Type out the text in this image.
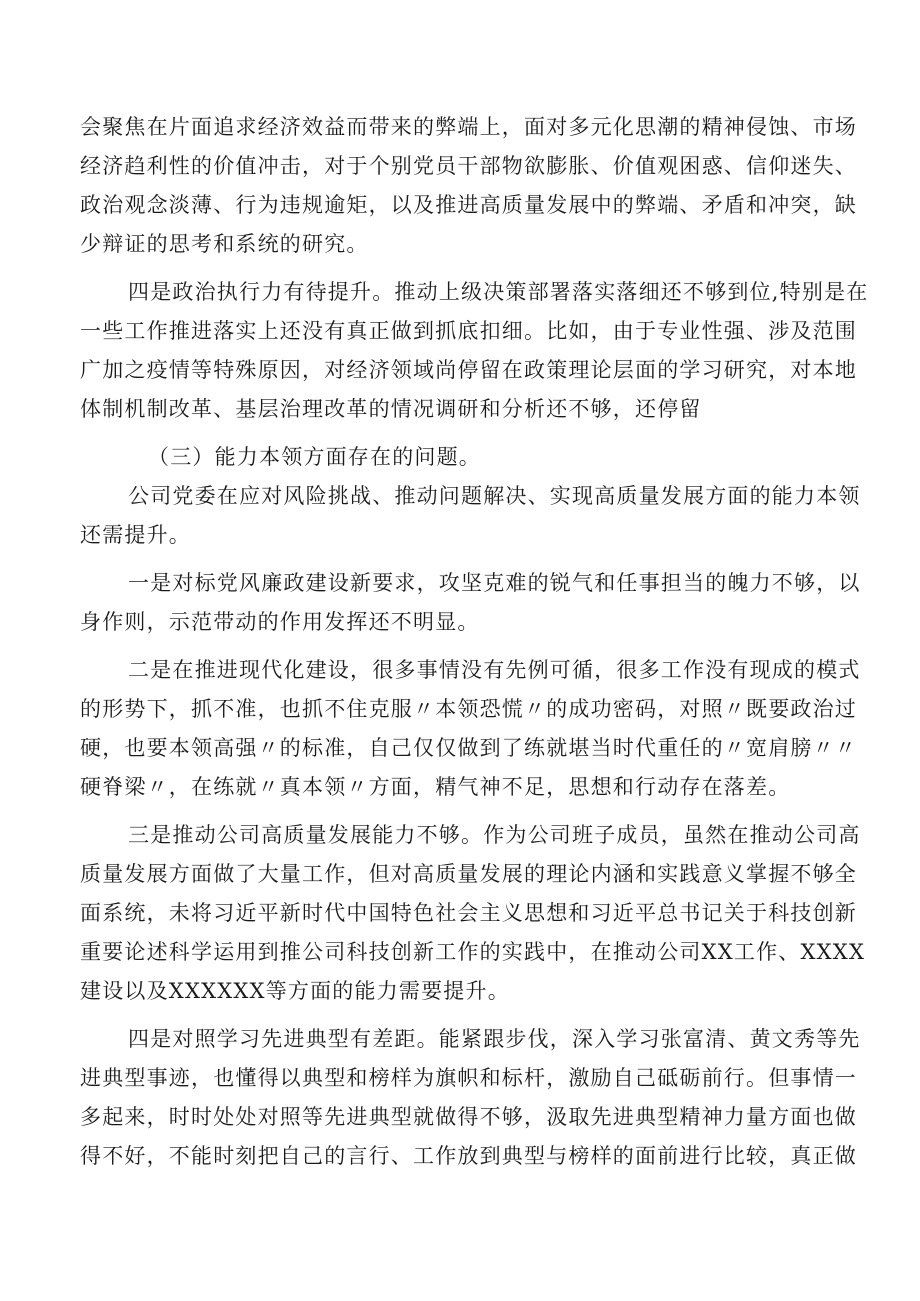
会聚焦在片面追求经济效益而带来的弊端上，面对多元化思潮的精神侵蚀、市场
经济趋利性的价值冲击，对于个别党员干部物欲膨胀、价值观困惑、信仰迷失、
政治观念淡薄、行为违规逾矩，以及推进高质量发展中的弊端、矛盾和冲突，缺
少辩证的思考和系统的研究。
四是政治执行力有待提升。推动上级决策部署落实落细还不够到位,特别是在
一些工作推进落实上还没有真正做到抓底扣细。比如，由于专业性强、涉及范围
广加之疫情等特殊原因，对经济领域尚停留在政策理论层面的学习研究，对本地
体制机制改革、基层治理改革的情况调研和分析还不够，还停留
（三）能力本领方面存在的问题。
公司党委在应对风险挑战、推动问题解决、实现高质量发展方面的能力本领
还需提升。
一是对标党风廉政建设新要求，攻坚克难的锐气和任事担当的魄力不够，以
身作则，示范带动的作用发挥还不明显。
二是在推进现代化建设，很多事情没有先例可循，很多工作没有现成的模式
的形势下，抓不准，也抓不住克服〃本领恐慌〃的成功密码，对照〃既要政治过
硬，也要本领高强〃的标准，自己仅仅做到了练就堪当时代重任的〃宽肩膀〃〃
硬脊梁〃，在练就〃真本领〃方面，精气神不足，思想和行动存在落差。
三是推动公司高质量发展能力不够。作为公司班子成员，虽然在推动公司高
质量发展方面做了大量工作，但对高质量发展的理论内涵和实践意义掌握不够全
面系统，未将习近平新时代中国特色社会主义思想和习近平总书记关于科技创新
重要论述科学运用到推公司科技创新工作的实践中，在推动公司XX工作、XXXX
建设以及XXXXXX等方面的能力需要提升。
四是对照学习先进典型有差距。能紧跟步伐，深入学习张富清、黄文秀等先
进典型事迹，也懂得以典型和榜样为旗帜和标杆，激励自己砥砺前行。但事情一
多起来，时时处处对照等先进典型就做得不够，汲取先进典型精神力量方面也做
得不好，不能时刻把自己的言行、工作放到典型与榜样的面前进行比较，真正做
